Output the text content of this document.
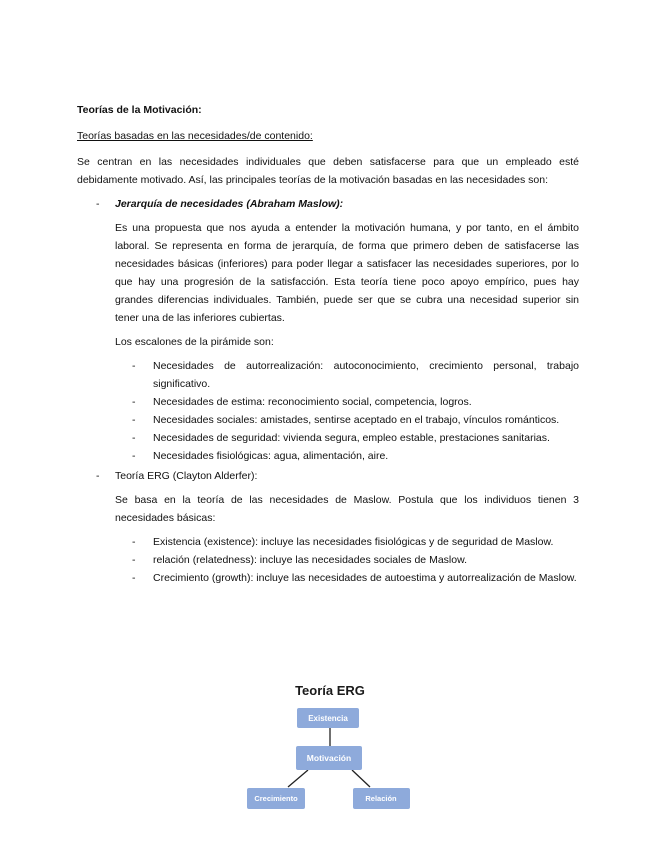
Teorías de la Motivación:

Teorías basadas en las necesidades/de contenido:

Se centran en las necesidades individuales que deben satisfacerse para que un empleado esté debidamente motivado. Así, las principales teorías de la motivación basadas en las necesidades son:

- Jerarquía de necesidades (Abraham Maslow):

Es una propuesta que nos ayuda a entender la motivación humana, y por tanto, en el ámbito laboral. Se representa en forma de jerarquía, de forma que primero deben de satisfacerse las necesidades básicas (inferiores) para poder llegar a satisfacer las necesidades superiores, por lo que hay una progresión de la satisfacción. Esta teoría tiene poco apoyo empírico, pues hay grandes diferencias individuales. También, puede ser que se cubra una necesidad superior sin tener una de las inferiores cubiertas.

Los escalones de la pirámide son:

- Necesidades de autorrealización: autoconocimiento, crecimiento personal, trabajo significativo.
- Necesidades de estima: reconocimiento social, competencia, logros.
- Necesidades sociales: amistades, sentirse aceptado en el trabajo, vínculos románticos.
- Necesidades de seguridad: vivienda segura, empleo estable, prestaciones sanitarias.
- Necesidades fisiológicas: agua, alimentación, aire.
- Teoría ERG (Clayton Alderfer):

Se basa en la teoría de las necesidades de Maslow. Postula que los individuos tienen 3 necesidades básicas:

- Existencia (existence): incluye las necesidades fisiológicas y de seguridad de Maslow.
- relación (relatedness): incluye las necesidades sociales de Maslow.
- Crecimiento (growth): incluye las necesidades de autoestima y autorrealización de Maslow.
Teoría ERG
Existencia
Motivación
Crecimiento	Relación
